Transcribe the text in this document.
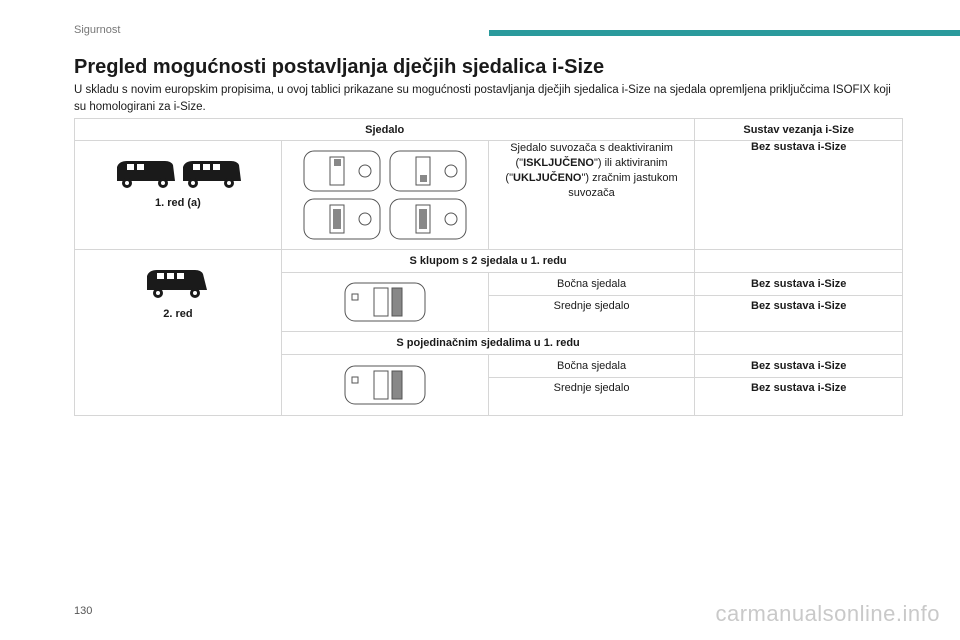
Sigurnost
Pregled mogućnosti postavljanja dječjih sjedalica i-Size

U skladu s novim europskim propisima, u ovoj tablici prikazane su mogućnosti postavljanja dječjih sjedalica i-Size na sjedala opremljena priključcima ISOFIX koji su homologirani za i-Size.

Sjedalo			Sustav vezanja i-Size

1. red (a)		Sjedalo suvozača s deaktiviranim ("ISKLJUČENO") ili aktiviranim ("UKLJUČENO") zračnim jastukom suvozača	Bez sustava i-Size

2. red	S klupom s 2 sjedala u 1. redu		

	Bočna sjedala	Bez sustava i-Size
		Srednje sjedalo	Bez sustava i-Size
	S pojedinačnim sjedalima u 1. redu		

	Bočna sjedala	Bez sustava i-Size
		Srednje sjedalo	Bez sustava i-Size
130	carmanualsonline.info
